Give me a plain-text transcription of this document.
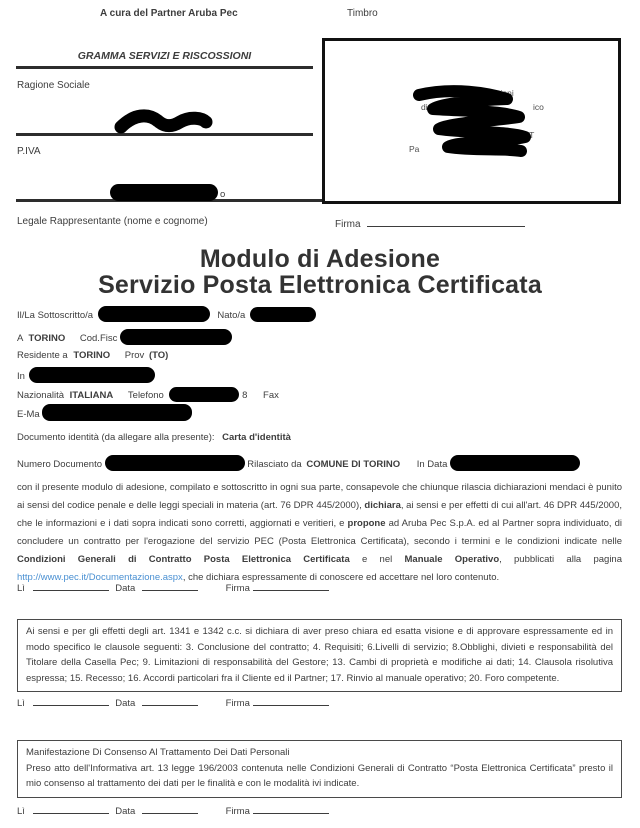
A cura del Partner Aruba Pec	Timbro
GRAMMA SERVIZI E RISCOSSIONI
Ragione Sociale
P.IVA
o
vizi e Riscossioni
di T	ico
MT
Pa
Legale Rappresentante (nome e cognome)	Firma
Modulo di Adesione
Servizio Posta Elettronica Certificata
Il/La Sottoscritto/a	Nato/a
A TORINO Cod.Fisc
Residente a TORINO Prov (TO)
In
Nazionalità ITALIANA Telefono	8 Fax
E-Ma
Documento identità (da allegare alla presente): Carta d'identità
Numero Documento	Rilasciato da COMUNE DI TORINO In Data

con il presente modulo di adesione, compilato e sottoscritto in ogni sua parte, consapevole che chiunque rilascia dichiarazioni mendaci è punito ai sensi del codice penale e delle leggi speciali in materia (art. 76 DPR 445/2000), dichiara, ai sensi e per effetti di cui all'art. 46 DPR 445/2000, che le informazioni e i dati sopra indicati sono corretti, aggiornati e veritieri, e propone ad Aruba Pec S.p.A. ed al Partner sopra individuato, di concludere un contratto per l'erogazione del servizio PEC (Posta Elettronica Certificata), secondo i termini e le condizioni indicate nelle Condizioni Generali di Contratto Posta Elettronica Certificata e nel Manuale Operativo, pubblicati alla pagina http://www.pec.it/Documentazione.aspx, che dichiara espressamente di conoscere ed accettare nel loro contenuto.

Lì	Data	Firma

Ai sensi e per gli effetti degli art. 1341 e 1342 c.c. si dichiara di aver preso chiara ed esatta visione e di approvare espressamente ed in modo specifico le clausole seguenti: 3. Conclusione del contratto; 4. Requisiti; 6.Livelli di servizio; 8.Obblighi, divieti e responsabilità del Titolare della Casella Pec; 9. Limitazioni di responsabilità del Gestore; 13. Cambi di proprietà e modifiche ai dati; 14. Clausola risolutiva espressa; 15. Recesso; 16. Accordi particolari fra il Cliente ed il Partner; 17. Rinvio al manuale operativo; 20. Foro competente.

Lì	Data	Firma
Manifestazione Di Consenso Al Trattamento Dei Dati Personali

Preso atto dell'Informativa art. 13 legge 196/2003 contenuta nelle Condizioni Generali di Contratto “Posta Elettronica Certificata” presto il mio consenso al trattamento dei dati per le finalità e con le modalità ivi indicate.

Lì	Data	Firma
